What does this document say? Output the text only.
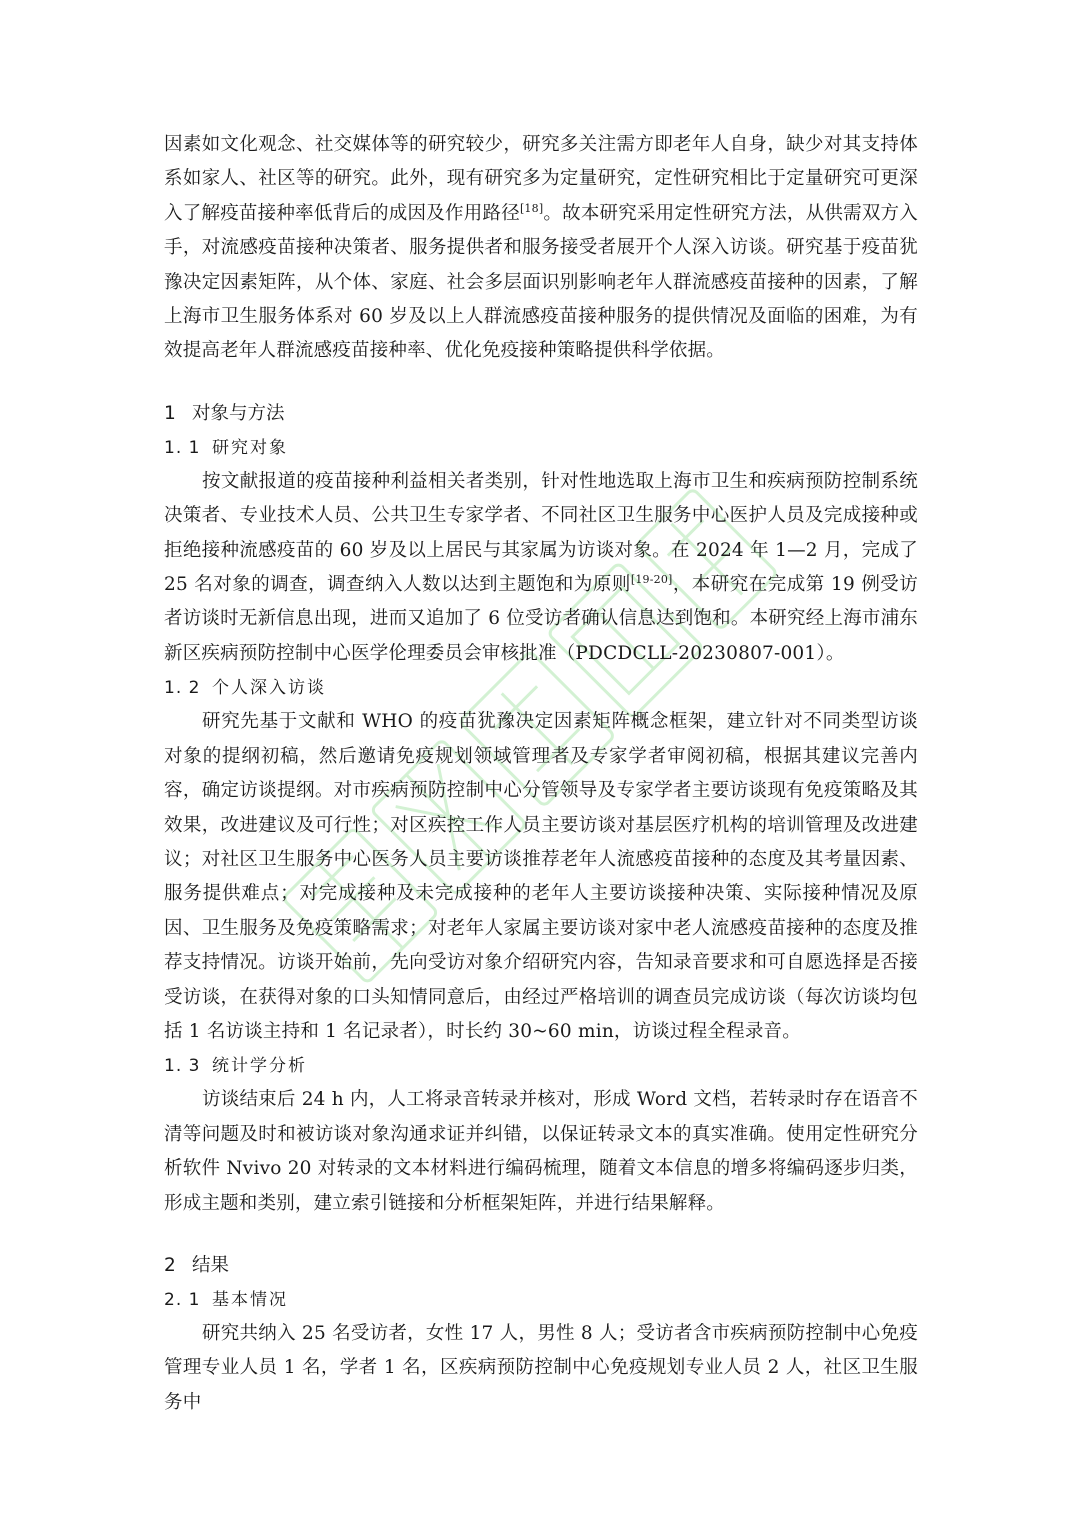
因素如文化观念、社交媒体等的研究较少，研究多关注需方即老年人自身，缺少对其支持体系如家人、社区等的研究。此外，现有研究多为定量研究，定性研究相比于定量研究可更深入了解疫苗接种率低背后的成因及作用路径[18]。故本研究采用定性研究方法，从供需双方入手，对流感疫苗接种决策者、服务提供者和服务接受者展开个人深入访谈。研究基于疫苗犹豫决定因素矩阵，从个体、家庭、社会多层面识别影响老年人群流感疫苗接种的因素，了解上海市卫生服务体系对 60 岁及以上人群流感疫苗接种服务的提供情况及面临的困难，为有效提高老年人群流感疫苗接种率、优化免疫接种策略提供科学依据。

1 对象与方法
1. 1 研究对象

按文献报道的疫苗接种利益相关者类别，针对性地选取上海市卫生和疾病预防控制系统决策者、专业技术人员、公共卫生专家学者、不同社区卫生服务中心医护人员及完成接种或拒绝接种流感疫苗的 60 岁及以上居民与其家属为访谈对象。在 2024 年 1—2 月，完成了 25 名对象的调查，调查纳入人数以达到主题饱和为原则[19-20]，本研究在完成第 19 例受访者访谈时无新信息出现，进而又追加了 6 位受访者确认信息达到饱和。本研究经上海市浦东新区疾病预防控制中心医学伦理委员会审核批准（PDCDCLL-20230807-001）。

1. 2 个人深入访谈

研究先基于文献和 WHO 的疫苗犹豫决定因素矩阵概念框架，建立针对不同类型访谈对象的提纲初稿，然后邀请免疫规划领域管理者及专家学者审阅初稿，根据其建议完善内容，确定访谈提纲。对市疾病预防控制中心分管领导及专家学者主要访谈现有免疫策略及其效果，改进建议及可行性；对区疾控工作人员主要访谈对基层医疗机构的培训管理及改进建议；对社区卫生服务中心医务人员主要访谈推荐老年人流感疫苗接种的态度及其考量因素、服务提供难点；对完成接种及未完成接种的老年人主要访谈接种决策、实际接种情况及原因、卫生服务及免疫策略需求；对老年人家属主要访谈对家中老人流感疫苗接种的态度及推荐支持情况。访谈开始前，先向受访对象介绍研究内容，告知录音要求和可自愿选择是否接受访谈，在获得对象的口头知情同意后，由经过严格培训的调查员完成访谈（每次访谈均包括 1 名访谈主持和 1 名记录者），时长约 30~60 min，访谈过程全程录音。

1. 3 统计学分析

访谈结束后 24 h 内，人工将录音转录并核对，形成 Word 文档，若转录时存在语音不清等问题及时和被访谈对象沟通求证并纠错，以保证转录文本的真实准确。使用定性研究分析软件 Nvivo 20 对转录的文本材料进行编码梳理，随着文本信息的增多将编码逐步归类，形成主题和类别，建立索引链接和分析框架矩阵，并进行结果解释。

2 结果
2. 1 基本情况

研究共纳入 25 名受访者，女性 17 人，男性 8 人；受访者含市疾病预防控制中心免疫管理专业人员 1 名，学者 1 名，区疾病预防控制中心免疫规划专业人员 2 人，社区卫生服务中
